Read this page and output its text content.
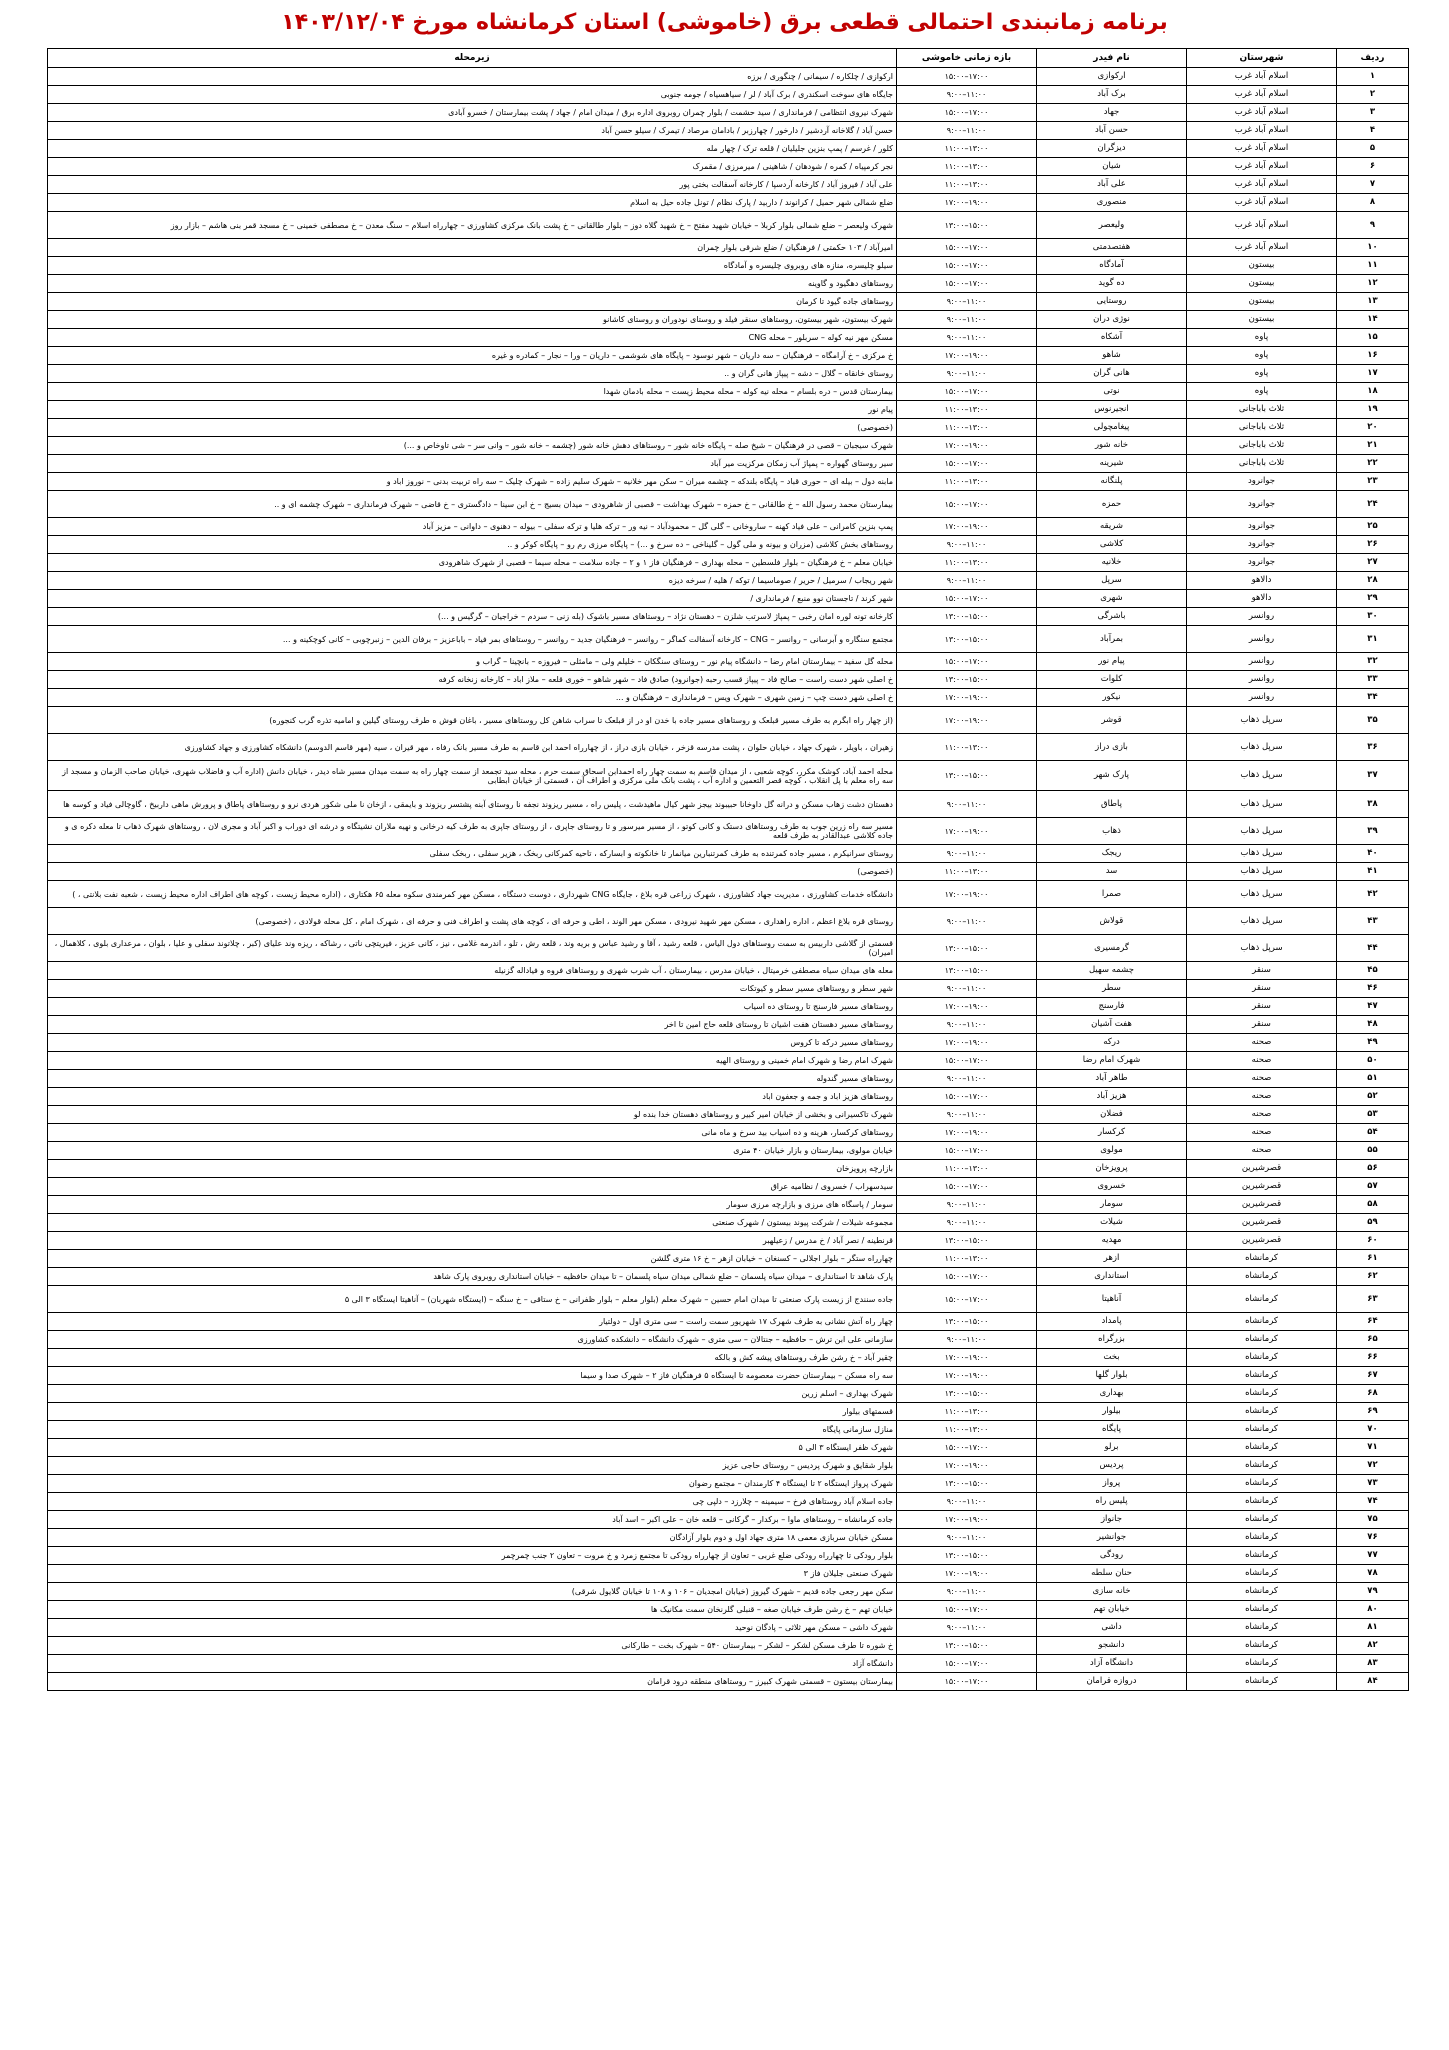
برنامه زمانبندی احتمالی قطعی برق (خاموشی) استان کرمانشاه مورخ ۱۴۰۳/۱۲/۰۴
ردیف	شهرستان	نام فیدر	بازه زمانی خاموشی	زیرمحله
۱	اسلام آباد غرب	ارکوازی	۱۵:۰۰–۱۷:۰۰	ارکوازی / چلکاره / سیمانی / چنگوری / برزه
۲	اسلام آباد غرب	برک آباد	۹:۰۰–۱۱:۰۰	جایگاه های سوخت اسکندری / برک آباد / لر / سیاهسیاه / جومه جنوبی
۳	اسلام آباد غرب	جهاد	۱۵:۰۰–۱۷:۰۰	شهرک نیروی انتظامی / فرمانداری / سید حشمت / بلوار چمران روبروی اداره برق / میدان امام / جهاد / پشت بیمارستان / خسرو آبادی
۴	اسلام آباد غرب	حسن آباد	۹:۰۰–۱۱:۰۰	حسن آباد / گلاخانه آردشیر / دارخور / چهارزبر / بادامان مرصاد / تیمرک / سیلو حسن آباد
۵	اسلام آباد غرب	دیزگران	۱۱:۰۰–۱۳:۰۰	کلور / غرسم / پمپ بنزین جلیلیان / قلعه ترک / چهار مله
۶	اسلام آباد غرب	شیان	۱۱:۰۰–۱۳:۰۰	نجر کرمپیاه / کمره / شودهان / شاهینی / میرمرزی / مقمرک
۷	اسلام آباد غرب	علی آباد	۱۱:۰۰–۱۳:۰۰	علی آباد / فیروز آباد / کارخانه آردسپا / کارخانه آسفالت بختی پور
۸	اسلام آباد غرب	منصوری	۱۷:۰۰–۱۹:۰۰	ضلع شمالی شهر حمیل / کرانوند / داربید / پارک نظام / تونل جاده حیل به اسلام
۹	اسلام آباد غرب	ولیعصر	۱۳:۰۰–۱۵:۰۰	شهرک ولیعصر – ضلع شمالی بلوار کربلا – خیابان شهید مفتح – خ شهید گلاه دوز – بلوار طالقانی – خ پشت بانک مرکزی کشاورزی – چهارراه اسلام – سنگ معدن – خ مصطفی خمینی – خ مسجد قمر بنی هاشم – بازار روز
۱۰	اسلام آباد غرب	هفتصدمتی	۱۵:۰۰–۱۷:۰۰	امیرآباد / ۱۰۳ حکمتی / فرهنگیان / ضلع شرقی بلوار چمران
۱۱	بیستون	آمادگاه	۱۵:۰۰–۱۷:۰۰	سیلو چلیسره، منازه های روبروی چلیسره و آمادگاه
۱۲	بیستون	ده گوید	۱۵:۰۰–۱۷:۰۰	روستاهای دهگیود و گاوینه
۱۳	بیستون	روستایی	۹:۰۰–۱۱:۰۰	روستاهای جاده گیود تا کرمان
۱۴	بیستون	نوژی دران	۹:۰۰–۱۱:۰۰	شهرک بیستون، شهر بیستون، روستاهای سنقر فیلد و روستای نودوران و روستای کاشانو
۱۵	پاوه	آشکاه	۹:۰۰–۱۱:۰۰	مسکن مهر نیه کوله – سربلور – محله CNG
۱۶	پاوه	شاهو	۱۷:۰۰–۱۹:۰۰	خ مرکزی – خ آرامگاه – فرهنگیان – سه داریان – شهر نوسود – پایگاه های شوشمی – داریان – ورا – نجار – کمادره و غیره
۱۷	پاوه	هانی گران	۹:۰۰–۱۱:۰۰	روستای خانقاه – گلال – دشه – پیپاز هانی گران و ..
۱۸	پاوه	نوتی	۱۵:۰۰–۱۷:۰۰	بیمارستان قدس – دره بلسام – محله نیه کوله – محله محیط زیست – محله بادمان شهدا
۱۹	ثلاث باباجانی	انجیرنوس	۱۱:۰۰–۱۳:۰۰	پیام نور
۲۰	ثلاث باباجانی	پیغامچولی	۱۱:۰۰–۱۳:۰۰	(خصوصی)
۲۱	ثلاث باباجانی	خانه شور	۱۷:۰۰–۱۹:۰۰	شهرک سیجبان – قصی در فرهنگیان – شیخ صله – پایگاه خانه شور – روستاهای دهش خانه شور (چشمه – خانه شور – وانی سر – شی تاوخاص و ...)
۲۲	ثلاث باباجانی	شیرینه	۱۵:۰۰–۱۷:۰۰	سیر روستای گهواره – پمپاژ آب زمکان مرکزیت میر آباد
۲۳	جوانرود	پلنگانه	۱۱:۰۰–۱۳:۰۰	مابنه دول – بیله ای – حوری قباد – پایگاه بلندکه – چشمه میران – سکن مهر خلانیه – شهرک سلیم زاده – شهرک چلیک – سه راه تربیت بدنی – نوروز اباد و
۲۴	جوانرود	حمزه	۱۵:۰۰–۱۷:۰۰	بیمارستان محمد رسول الله – خ طالقانی – خ حمزه – شهرک بهداشت – قصبی از شاهرودی – میدان بسیج – خ ابن سینا – دادگستری – خ قاضی – شهرک فرمانداری – شهرک چشمه ای و ..
۲۵	جوانرود	شریقه	۱۷:۰۰–۱۹:۰۰	پمپ بنزین کامرانی – علی فیاد کهنه – ساروخانی – گلی گل – محمودآباد – نیه ور – ترکه هلیا و ترکه سفلی – بیوله – دهنوی – داوانی – مزیز آباد
۲۶	جوانرود	کلاشی	۹:۰۰–۱۱:۰۰	روستاهای بخش کلاشی (مزران و بیونه و ملی گول – گلیناخی – ده سرخ و ...) – پایگاه مرزی رم رو – پایگاه کوکر و ..
۲۷	جوانرود	خلانیه	۱۱:۰۰–۱۳:۰۰	خیابان معلم – خ فرهنگیان – بلوار فلسطین – محله بهداری – فرهنگیان فاز ۱ و ۲ – جاده سلامت – محله سیما – قصبی از شهرک شاهرودی
۲۸	دالاهو	سرپل	۹:۰۰–۱۱:۰۰	شهر ریجاب / سرمیل / حریر / صوماسیما / توکه / هلیه / سرخه دیزه
۲۹	دالاهو	شهری	۱۵:۰۰–۱۷:۰۰	شهر کرند / تاجستان نوو منبع / فرمانداری /
۳۰	روانسر	باشرگی	۱۳:۰۰–۱۵:۰۰	کارخانه تونه لوره امان رخبی – پمپاژ لاسرتب شلزن – دهستان نژاد – روستاهای مسیر باشوک (بله زنی – سردم – خراجیان – گرگیس و ...)
۳۱	روانسر	بمرآباد	۱۳:۰۰–۱۵:۰۰	مجتمع سنگاره و آبرسانی – روانسر – CNG – کارخانه آسفالت کماگر – روانسر – فرهنگیان جدید – روانسر – روستاهای بمر فیاد – باباعزیز – برفان الدین – زنبرچوبی – کانی کوچکینه و ...
۳۲	روانسر	پیام نور	۱۵:۰۰–۱۷:۰۰	محله گل سفید – بیمارستان امام رضا – دانشگاه پیام نور – روستای سنگکان – خلیلم ولی – مامثلی – فیروزه – بانچینا – گراب و
۳۳	روانسر	کلوات	۱۳:۰۰–۱۵:۰۰	خ اصلی شهر دست راست – صالح فاد – پیپاز قسب رحبه (جوانرود) صادق فاد – شهر شاهو – خوری قلعه – ملاز اباد – کارخانه زنخانه کرفه
۳۴	روانسر	نیکور	۱۷:۰۰–۱۹:۰۰	خ اصلی شهر دست چپ – زمین شهری – شهرک ویس – فرمانداری – فرهنگیان و ...
۳۵	سرپل ذهاب	قوشر	۱۷:۰۰–۱۹:۰۰	(از چهار راه ابگرم به طرف مسیر قبلعک و روستاهای مسیر جاده با خدن او در از قبلعک تا سراب شاهن کل روستاهای مسیر ، باغان قوش ه طرف روستای گیلین و امامیه تذره گرب کنجوره)
۳۶	سرپل ذهاب	بازی دراز	۱۱:۰۰–۱۳:۰۰	زهیران ، باویلر ، شهرک جهاد ، خیابان حلوان ، پشت مدرسه قزخر ، خیابان بازی دراز ، از چهارراه احمد ابن قاسم به طرف مسیر بانک رفاه ، مهر قیران ، سیه (مهر قاسم الدوسم) دانشکاه کشاورزی و جهاد کشاورزی
۳۷	سرپل ذهاب	پارک شهر	۱۳:۰۰–۱۵:۰۰	محله احمد آباد، کوشک مکرر، کوچه شعبی ، از میدان قاسم به سمت چهار راه احمدابن اسحاق سمت حرم ، محله سید تجمعد از سمت چهار راه به سمت میدان مسیر شاه دیدر ، خیابان دانش (اداره آب و فاضلاب شهری، خیابان صاحب الزمان و مسجد از سه راه معلم با پل انقلاب ، کوچه قصر التعمین و اداره آب ، پشت بانک ملی مرکزی و اطراف آن ، قسمتی از خیابان ابطابی
۳۸	سرپل ذهاب	پاطاق	۹:۰۰–۱۱:۰۰	دهستان دشت زهاب مسکن و درانه گل داوخانا حبیبوند بیجز شهر کیال ماهیدشت ، پلیس راه ، مسیر ریزوند نجفه نا روستای آبنه پشتسر ریزوند و بایمقی ، ازخان نا ملی شکور هردی نرو و روستاهای پاطاق و پرورش ماهی داربیخ ، گاوچالی فیاد و کوسه ها
۳۹	سرپل ذهاب	ذهاب	۱۷:۰۰–۱۹:۰۰	مسیر سه راه زرین جوب به طرف روستاهای دستک و کانی کوتو ، از مسیر میرسور و تا روستای جاپری ، از روستای جاپری به طرف کیه درخانی و نهیه ملاران نشیتگاه و درشه ای دوراب و اکبر آباد و مجری لان ، روستاهای شهرک ذهاب تا معله دکره ی و جاده کلاشی عبدالقادر به طرف قلعه
۴۰	سرپل ذهاب	ریجک	۹:۰۰–۱۱:۰۰	روستای سرانیکرم ، مسیر جاده کمرتنده به طرف کمرتنبارین میانمار تا خانکوته و ابسارکه ، تاحیه کمرکانی ربخک ، هزیر سفلی ، ربخک سفلی
۴۱	سرپل ذهاب	سد	۱۱:۰۰–۱۳:۰۰	(خصوصی)
۴۲	سرپل ذهاب	صمرا	۱۷:۰۰–۱۹:۰۰	دانشگاه خدمات کشاورزی ، مدیریت جهاد کشاورزی ، شهرک زراعی قره بلاغ ، جایگاه CNG شهرداری ، دوست دستگاه ، مسکن مهر کمرمندی سکوه معله ۶۵ هکتاری ، (اداره محیط زیست ، کوچه های اطراف اداره محیط زیست ، شعبه نفت بلانتی ، )
۴۳	سرپل ذهاب	قولاش	۹:۰۰–۱۱:۰۰	روستای قره بلاغ اعظم ، اداره راهداری ، مسکن مهر شهید نیرودی ، مسکن مهر الوند ، اطی و حرفه ای ، کوچه های پشت و اطراف فنی و حرفه ای ، شهرک امام ، کل محله قولادی ، (خصوصی)
۴۴	سرپل ذهاب	گرمسیری	۱۳:۰۰–۱۵:۰۰	قسمتی از گلاشی داربیس به سمت روستاهای دول الیاس ، قلعه رشید ، آقا و رشید عباس و بریه وند ، قلعه رش ، تلو ، اندرمه غلامی ، نیز ، کانی عزیز ، فیریتچی ناتی ، رشاکه ، ریزه وند علیای (کبر ، چلاتوند سفلی و علیا ، بلوان ، مرعداری بلوی ، کلاهمال ، امیران)
۴۵	سنقر	چشمه سهیل	۱۳:۰۰–۱۵:۰۰	معله های میدان سیاه مصطفی خرمیتال ، خیابان مدرس ، بیمارستان ، آب شرب شهری و روستاهای فروه و فیاداله گزنیله
۴۶	سنقر	سطر	۹:۰۰–۱۱:۰۰	شهر سطر و روستاهای مسیر سطر و کیوتکات
۴۷	سنقر	فارسنج	۱۷:۰۰–۱۹:۰۰	روستاهای مسیر فارسنج تا روستای ده اسیاب
۴۸	سنقر	هفت آشیان	۹:۰۰–۱۱:۰۰	روستاهای مسیر دهستان هفت اشیان تا روستای قلعه حاج امین تا اخر
۴۹	صحنه	درکه	۱۷:۰۰–۱۹:۰۰	روستاهای مسیر درکه تا کروس
۵۰	صحنه	شهرک امام رضا	۱۵:۰۰–۱۷:۰۰	شهرک امام رضا و شهرک امام خمینی و روستای الهیه
۵۱	صحنه	طاهر آباد	۹:۰۰–۱۱:۰۰	روستاهای مسیر گندوله
۵۲	صحنه	هزیز آباد	۱۵:۰۰–۱۷:۰۰	روستاهای هزیز اباد و جمه و جعفون اباد
۵۳	صحنه	فضلان	۹:۰۰–۱۱:۰۰	شهرک تاکسیرانی و بخشی از خیابان امیر کبیر و روستاهای دهستان خدا بنده لو
۵۴	صحنه	کرکسار	۱۷:۰۰–۱۹:۰۰	روستاهای کرکسار، هرینه و ده اسیاب بید سرخ و ماه مانی
۵۵	صحنه	مولوی	۱۵:۰۰–۱۷:۰۰	خیابان مولوی، بیمارستان و بازار خیابان ۴۰ متری
۵۶	قصرشیرین	پرویزخان	۱۱:۰۰–۱۳:۰۰	بازارچه پرویزخان
۵۷	قصرشیرین	خسروی	۱۵:۰۰–۱۷:۰۰	سیدسهراب / خسروی / نظامیه عراق
۵۸	قصرشیرین	سومار	۹:۰۰–۱۱:۰۰	سومار / پاسگاه های مرزی و بازارچه مرزی سومار
۵۹	قصرشیرین	شیلات	۹:۰۰–۱۱:۰۰	مجموعه شیلات / شرکت پیوند بیستون / شهرک صنعتی
۶۰	قصرشیرین	مهدیه	۱۳:۰۰–۱۵:۰۰	قرنطینه / نصر آباد / خ مدرس / زعیلهبر
۶۱	کرمانشاه	ازهر	۱۱:۰۰–۱۳:۰۰	چهارراه ستگر – بلوار اجلالی – کسنغان – خیابان ازهر – خ ۱۶ متری گلشن
۶۲	کرمانشاه	استانداری	۱۵:۰۰–۱۷:۰۰	پارک شاهد تا استانداری – میدان سیاه پلسمان – ضلع شمالی میدان سیاه پلسمان – تا میدان حافظیه – خیابان استانداری روبروی پارک شاهد
۶۳	کرمانشاه	آناهیتا	۱۵:۰۰–۱۷:۰۰	جاده سنندج از زیست پارک صنعتی تا میدان امام حسین – شهرک معلم (بلوار معلم – بلوار ظفرانی – خ ستاقی – خ سنگه – (ایستگاه شهربان) – آناهیتا ایستگاه ۳ الی ۵
۶۴	کرمانشاه	پامداد	۱۳:۰۰–۱۵:۰۰	چهار راه آتش نشانی به طرف شهرک ۱۷ شهریور سمت راست – سی متری اول – دولتیار
۶۵	کرمانشاه	بزرگراه	۹:۰۰–۱۱:۰۰	سازمانی علی ابن ترش – حافظیه – جنتالان – سی متری – شهرک دانشگاه – دانشکده کشاورزی
۶۶	کرمانشاه	بخت	۱۷:۰۰–۱۹:۰۰	چقیر آباد – خ رشن طرف روستاهای پیشه کش و بالکه
۶۷	کرمانشاه	بلوار گلها	۱۷:۰۰–۱۹:۰۰	سه راه مسکن – بیمارستان حضرت معصومه تا ایستگاه ۵ فرهنگیان فاز ۲ – شهرک صدا و سیما
۶۸	کرمانشاه	بهداری	۱۳:۰۰–۱۵:۰۰	شهرک بهداری – اسلم زرین
۶۹	کرمانشاه	بیلوار	۱۱:۰۰–۱۳:۰۰	قسمتهای بیلوار
۷۰	کرمانشاه	پایگاه	۱۱:۰۰–۱۳:۰۰	منازل سازمانی پایگاه
۷۱	کرمانشاه	برلو	۱۵:۰۰–۱۷:۰۰	شهرک ظفر ایستگاه ۳ الی ۵
۷۲	کرمانشاه	پردیس	۱۷:۰۰–۱۹:۰۰	بلوار شقایق و شهرک پردیس – روستای حاجی عزیز
۷۳	کرمانشاه	پرواز	۱۳:۰۰–۱۵:۰۰	شهرک پرواز ایستگاه ۲ تا ایستگاه ۴ کارمندان – مجتمع رضوان
۷۴	کرمانشاه	پلیس راه	۹:۰۰–۱۱:۰۰	جاده اسلام آباد روستاهای فرخ – سیمینه – چلارزد – دلپی چی
۷۵	کرمانشاه	جانواز	۱۷:۰۰–۱۹:۰۰	جاده کرمانشاه – روستاهای ماوا – برکدار – گرکانی – قلعه خان – علی اکبر – اسد آباد
۷۶	کرمانشاه	جوانشیر	۹:۰۰–۱۱:۰۰	مسکن خیابان سربازی معمی ۱۸ متری جهاد اول و دوم بلوار آزادگان
۷۷	کرمانشاه	رودگی	۱۳:۰۰–۱۵:۰۰	بلوار رودکی تا چهارراه رودکی ضلع غربی – تعاون از چهارراه رودکی تا مجتمع زمرد و خ مروت – تعاون ۲ جنب چمرچمر
۷۸	کرمانشاه	حنان سلطه	۱۷:۰۰–۱۹:۰۰	شهرک صنعتی جلیلان فاز ۳
۷۹	کرمانشاه	خانه سازی	۹:۰۰–۱۱:۰۰	سکن مهر رجعی جاده قدیم – شهرک گیروز (خیابان امجدیان – ۱۰۶ و ۱۰۸ تا خیابان گلایول شرقی)
۸۰	کرمانشاه	خیابان تهم	۱۵:۰۰–۱۷:۰۰	خیابان تهم – خ رشن طرف خیابان صغه – قنبلی گلرنخان سمت مکانیک ها
۸۱	کرمانشاه	داشی	۹:۰۰–۱۱:۰۰	شهرک داشی – مسکن مهر ثلاثی – پادگان نوحید
۸۲	کرمانشاه	دانشجو	۱۳:۰۰–۱۵:۰۰	خ شوره تا طرف مسکن لشکر – لشکر – بیمارستان ۵۴۰ – شهرک بخت – طارکانی
۸۳	کرمانشاه	دانشگاه آزاد	۱۵:۰۰–۱۷:۰۰	دانشگاه آزاد
۸۴	کرمانشاه	دروازه قرامان	۱۵:۰۰–۱۷:۰۰	بیمارستان بیستون – قسمتی شهرک کبیرز – روستاهای منطقه درود قرامان
